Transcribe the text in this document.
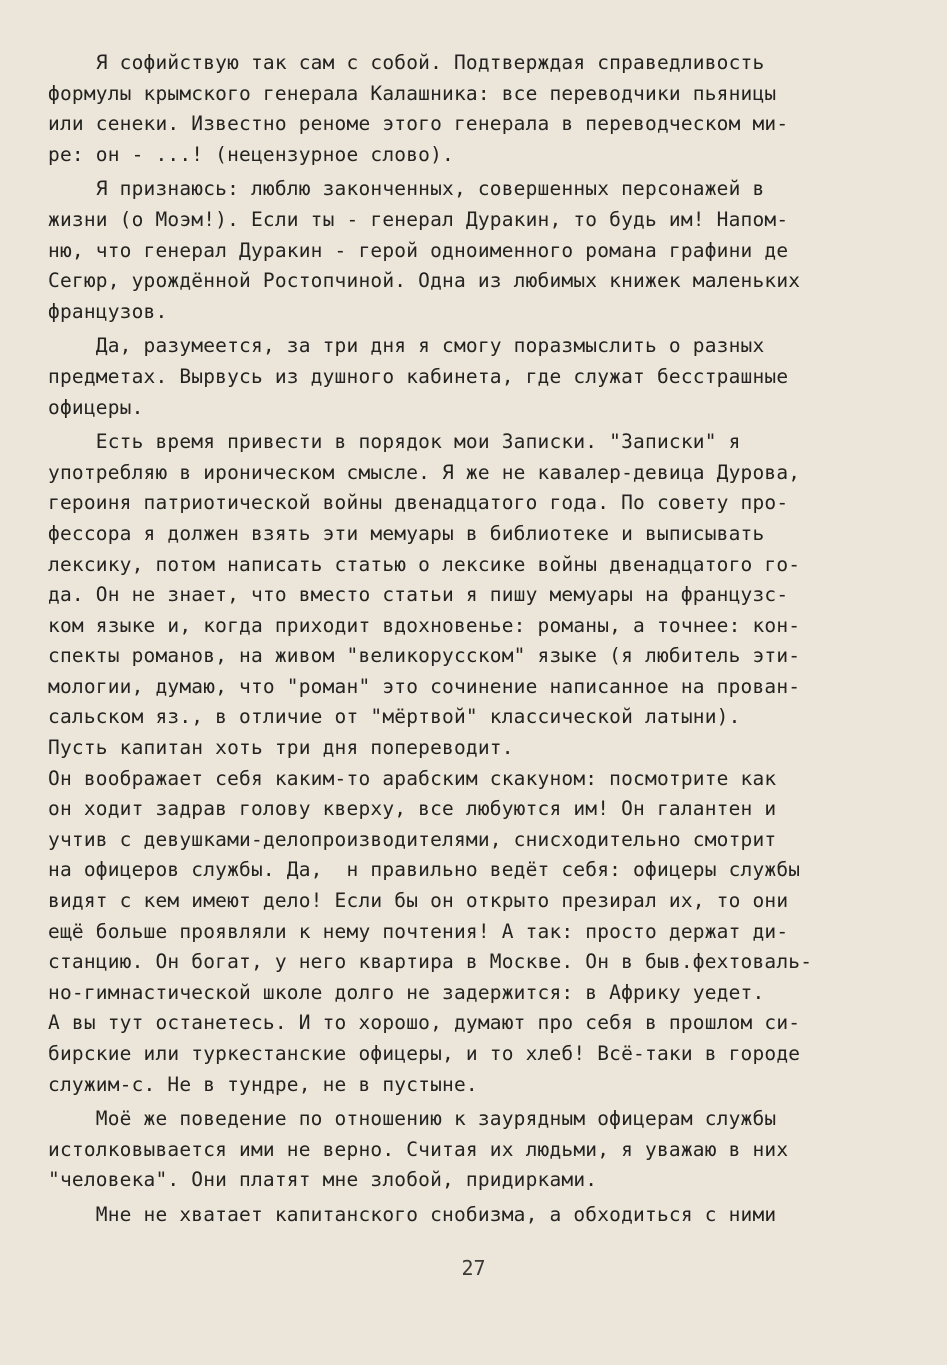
Я софийствую так сам с собой. Подтверждая справедливость
формулы крымского генерала Калашника: все переводчики пьяницы
или сенеки. Известно реноме этого генерала в переводческом ми-
ре: он - ...! (нецензурное слово).
Я признаюсь: люблю законченных, совершенных персонажей в
жизни (о Моэм!). Если ты - генерал Дуракин, то будь им! Напом-
ню, что генерал Дуракин - герой одноименного романа графини де
Сегюр, урождённой Ростопчиной. Одна из любимых книжек маленьких
французов.
Да, разумеется, за три дня я смогу поразмыслить о разных
предметах. Вырвусь из душного кабинета, где служат бесстрашные
офицеры.
Есть время привести в порядок мои Записки. "Записки" я
употребляю в ироническом смысле. Я же не кавалер-девица Дурова,
героиня патриотической войны двенадцатого года. По совету про-
фессора я должен взять эти мемуары в библиотеке и выписывать
лексику, потом написать статью о лексике войны двенадцатого го-
да. Он не знает, что вместо статьи я пишу мемуары на французс-
ком языке и, когда приходит вдохновенье: романы, а точнее: кон-
спекты романов, на живом "великорусском" языке (я любитель эти-
мологии, думаю, что "роман" это сочинение написанное на прован-
сальском яз., в отличие от "мёртвой" классической латыни).
Пусть капитан хоть три дня попереводит.
Он воображает себя каким-то арабским скакуном: посмотрите как
он ходит задрав голову кверху, все любуются им! Он галантен и
учтив с девушками-делопроизводителями, снисходительно смотрит
на офицеров службы. Да,  н правильно ведёт себя: офицеры службы
видят с кем имеют дело! Если бы он открыто презирал их, то они
ещё больше проявляли к нему почтения! А так: просто держат ди-
станцию. Он богат, у него квартира в Москве. Он в быв.фехтоваль-
но-гимнастической школе долго не задержится: в Африку уедет.
А вы тут останетесь. И то хорошо, думают про себя в прошлом си-
бирские или туркестанские офицеры, и то хлеб! Всё-таки в городе
служим-с. Не в тундре, не в пустыне.
Моё же поведение по отношению к заурядным офицерам службы
истолковывается ими не верно. Считая их людьми, я уважаю в них
"человека". Они платят мне злобой, придирками.
Мне не хватает капитанского снобизма, а обходиться с ними
27
